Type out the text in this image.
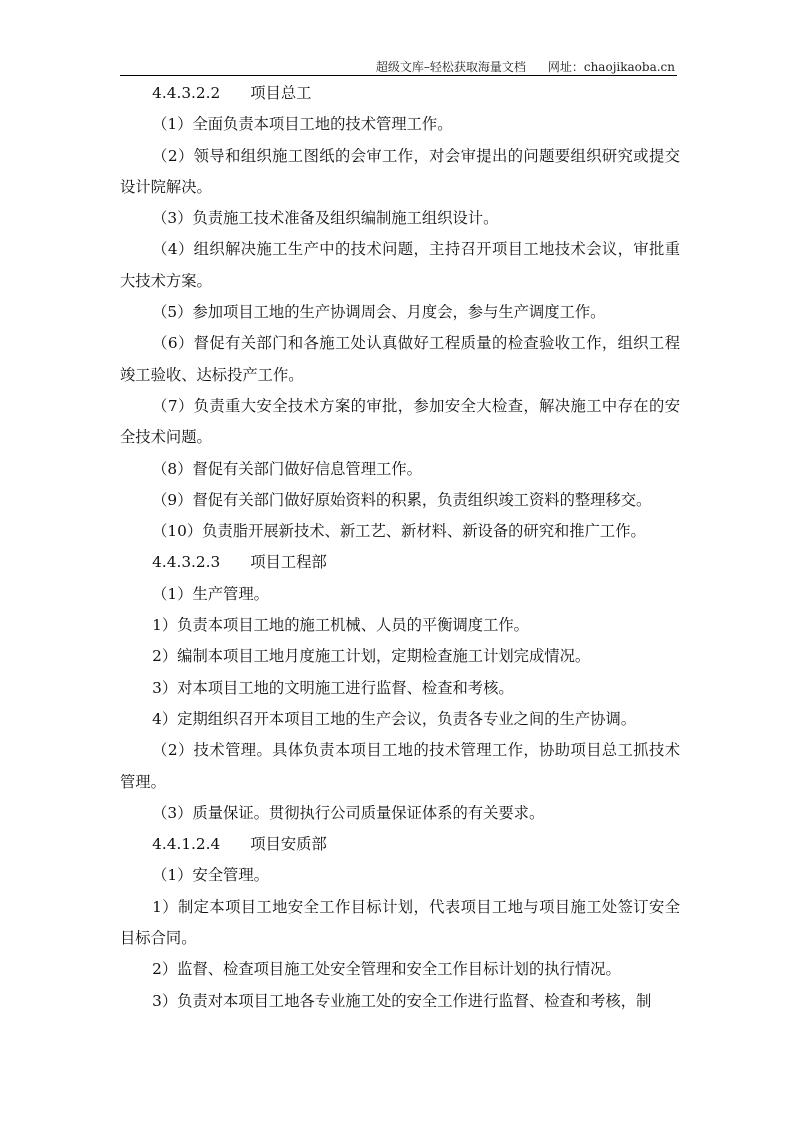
超级文库–轻松获取海量文档 网址：chaojikaoba.cn

4.4.3.2.2 项目总工

（1）全面负责本项目工地的技术管理工作。

（2）领导和组织施工图纸的会审工作，对会审提出的问题要组织研究或提交设计院解决。

（3）负责施工技术准备及组织编制施工组织设计。

（4）组织解决施工生产中的技术问题，主持召开项目工地技术会议，审批重大技术方案。

（5）参加项目工地的生产协调周会、月度会，参与生产调度工作。

（6）督促有关部门和各施工处认真做好工程质量的检查验收工作，组织工程竣工验收、达标投产工作。

（7）负责重大安全技术方案的审批，参加安全大检查，解决施工中存在的安全技术问题。

（8）督促有关部门做好信息管理工作。

（9）督促有关部门做好原始资料的积累，负责组织竣工资料的整理移交。

（10）负责脂开展新技术、新工艺、新材料、新设备的研究和推广工作。

4.4.3.2.3 项目工程部

（1）生产管理。

1）负责本项目工地的施工机械、人员的平衡调度工作。

2）编制本项目工地月度施工计划，定期检查施工计划完成情况。

3）对本项目工地的文明施工进行监督、检查和考核。

4）定期组织召开本项目工地的生产会议，负责各专业之间的生产协调。

（2）技术管理。具体负责本项目工地的技术管理工作，协助项目总工抓技术管理。

（3）质量保证。贯彻执行公司质量保证体系的有关要求。

4.4.1.2.4 项目安质部

（1）安全管理。

1）制定本项目工地安全工作目标计划，代表项目工地与项目施工处签订安全目标合同。

2）监督、检查项目施工处安全管理和安全工作目标计划的执行情况。

3）负责对本项目工地各专业施工处的安全工作进行监督、检查和考核，制
